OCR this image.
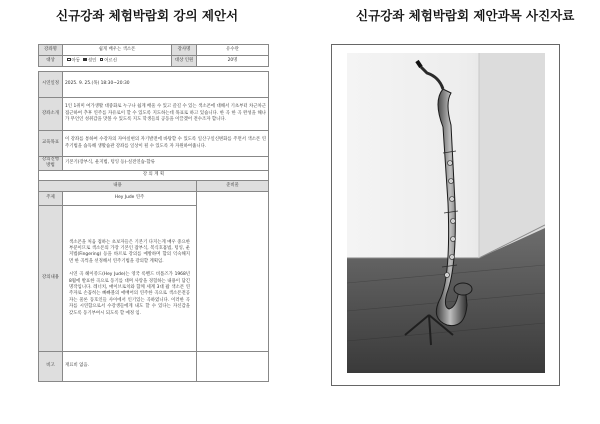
신규강좌 체험박람회 강의 제안서	신규강좌 체험박람회 제안과목 사진자료
강좌명	쉽게 배우는 색소폰	강사명	유수란
대상	아동 성인 어르신	대상 인원	20명

시연일정	2025. 9. 25.(목) 18:30~20:30		
강좌소개	1인 1취미 여가생활 대중화로 누구나 쉽게 배울 수 있고 즐길 수 있는 색소폰에 대해서 기초부터 차근차근 접근하여 추후 연주를 자유로이 할 수 있도록 지도하는데 목표로 하고 있습니다. 한 곡 한 곡 완성을 해나가 무언인 성취감을 맛볼 수 있도록 지도 학생들의 공동을 이끌겠어 전수조자 합니다.		

교육목표	이 강좌를 통하여 수강자의 자아실현의 자기발전에 바탕할 수 있도록 일산구일신변화를 주면서 색소폰 연주기법을 습득해 생활습관 강좌를 일상이 될 수 있도록 자 자원하여줍니다.		

강의진행방법	기본기(장부식, 운지법, 텅잉 등)-실전연습-합류		
강 의 계 획			
내용			준비물
주제	Hey Jude 연주		
강의내용	색소폰을 처음 접하는 초보자들은 기본기 다지는게 매우 중요한 부분이므로 색소폰의 가장 기본인 잡부식, 복식호흡법, 텅잉, 운지법(Fingering) 등을 바르로 강의를 예방하며 합의 익숙해지면 한 곡씩을 선정해서 연주기법을 강의할 계획임.
시연 곡 헤이쥬드(Hey Jude)는 영국 록밴드 비틀즈가 1968년 8월에 발표한 곡으로 동기를 대며 사랑을 경험하는 내용이 담긴 명작입니다. 레너치, 매이브로치와 함께 세계 3대 팝 색소폰 연주자로 손꼽히는 빠빠블의 애배어의 연주한 곡으로 색소폰전공자는 물론 동호인들 사이에서 인기있는 곡하였니다. 이러한 곡자를 시연함으로서 수강생들에게 내도 할 수 있다는 자신감을 갖도록 동기부여시 되도록 할 예정 임.		

비고	재료비 없음.		
